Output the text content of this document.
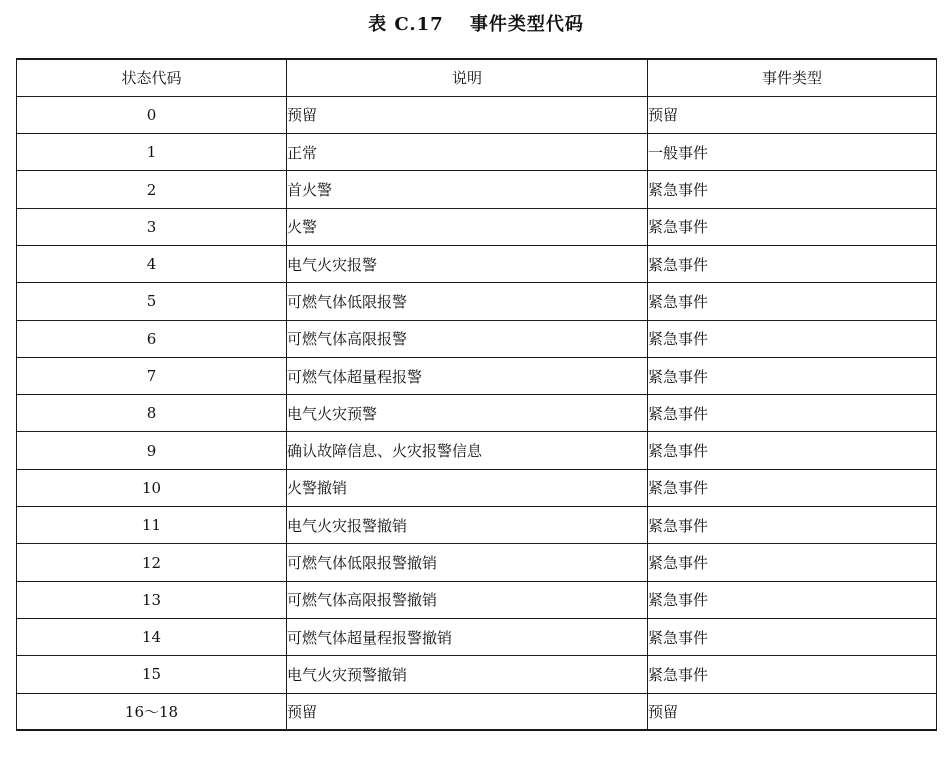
表 C.17　 事件类型代码
状态代码	说明	事件类型
0	预留	预留
1	正常	一般事件
2	首火警	紧急事件
3	火警	紧急事件
4	电气火灾报警	紧急事件
5	可燃气体低限报警	紧急事件
6	可燃气体高限报警	紧急事件
7	可燃气体超量程报警	紧急事件
8	电气火灾预警	紧急事件
9	确认故障信息、火灾报警信息	紧急事件
10	火警撤销	紧急事件
11	电气火灾报警撤销	紧急事件
12	可燃气体低限报警撤销	紧急事件
13	可燃气体高限报警撤销	紧急事件
14	可燃气体超量程报警撤销	紧急事件
15	电气火灾预警撤销	紧急事件
16～18	预留	预留
